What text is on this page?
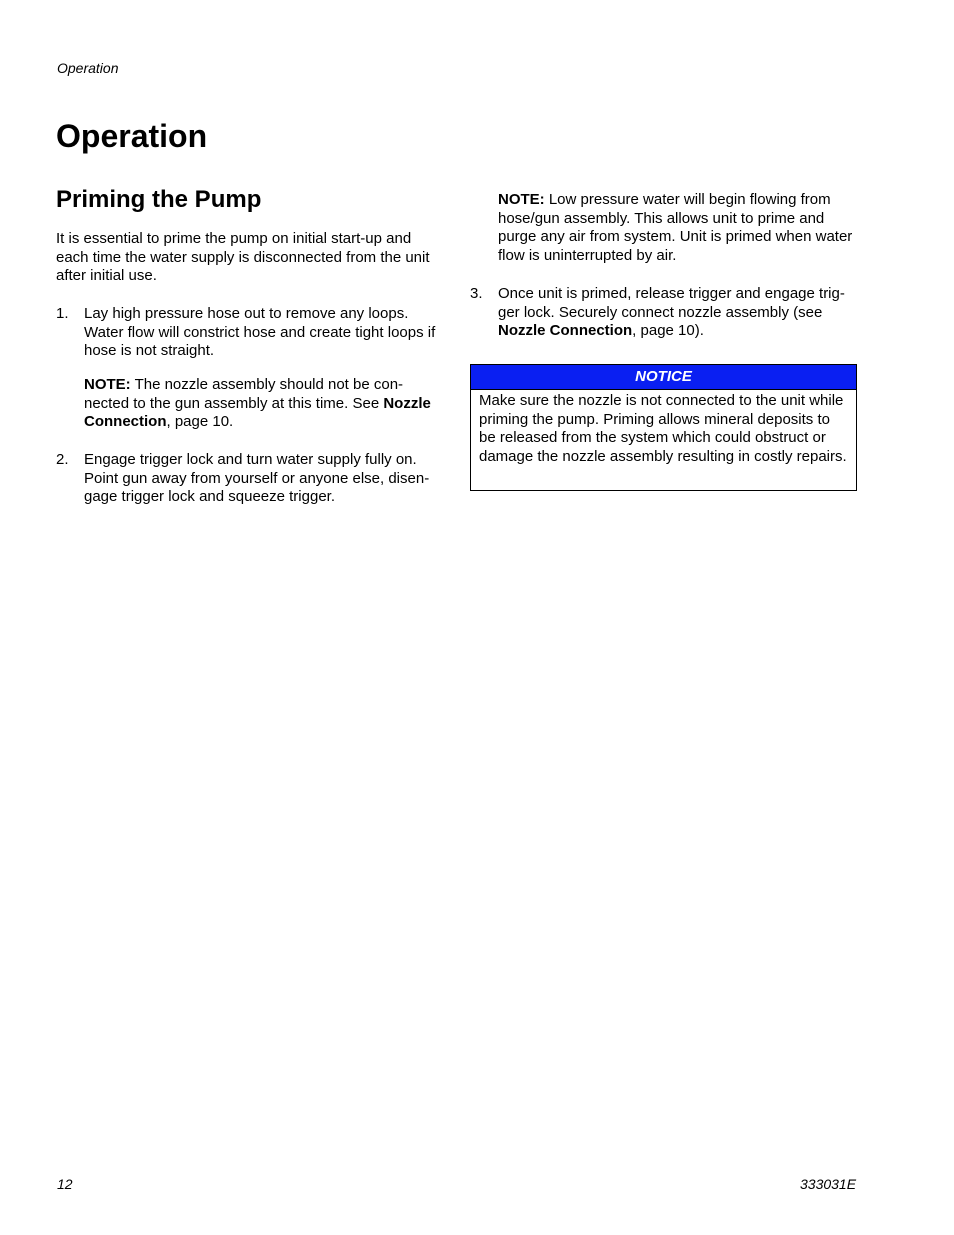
Operation
Operation
Priming the Pump
It is essential to prime the pump on initial start-up and each time the water supply is disconnected from the unit after initial use.
1. Lay high pressure hose out to remove any loops. Water flow will constrict hose and create tight loops if hose is not straight.
NOTE: The nozzle assembly should not be con-nected to the gun assembly at this time. See Nozzle Connection, page 10.
2. Engage trigger lock and turn water supply fully on. Point gun away from yourself or anyone else, disen-gage trigger lock and squeeze trigger.
NOTE: Low pressure water will begin flowing from hose/gun assembly. This allows unit to prime and purge any air from system. Unit is primed when water flow is uninterrupted by air.
3. Once unit is primed, release trigger and engage trig-ger lock. Securely connect nozzle assembly (see Nozzle Connection, page 10).
NOTICE
Make sure the nozzle is not connected to the unit while priming the pump. Priming allows mineral deposits to be released from the system which could obstruct or damage the nozzle assembly resulting in costly repairs.
12	333031E
